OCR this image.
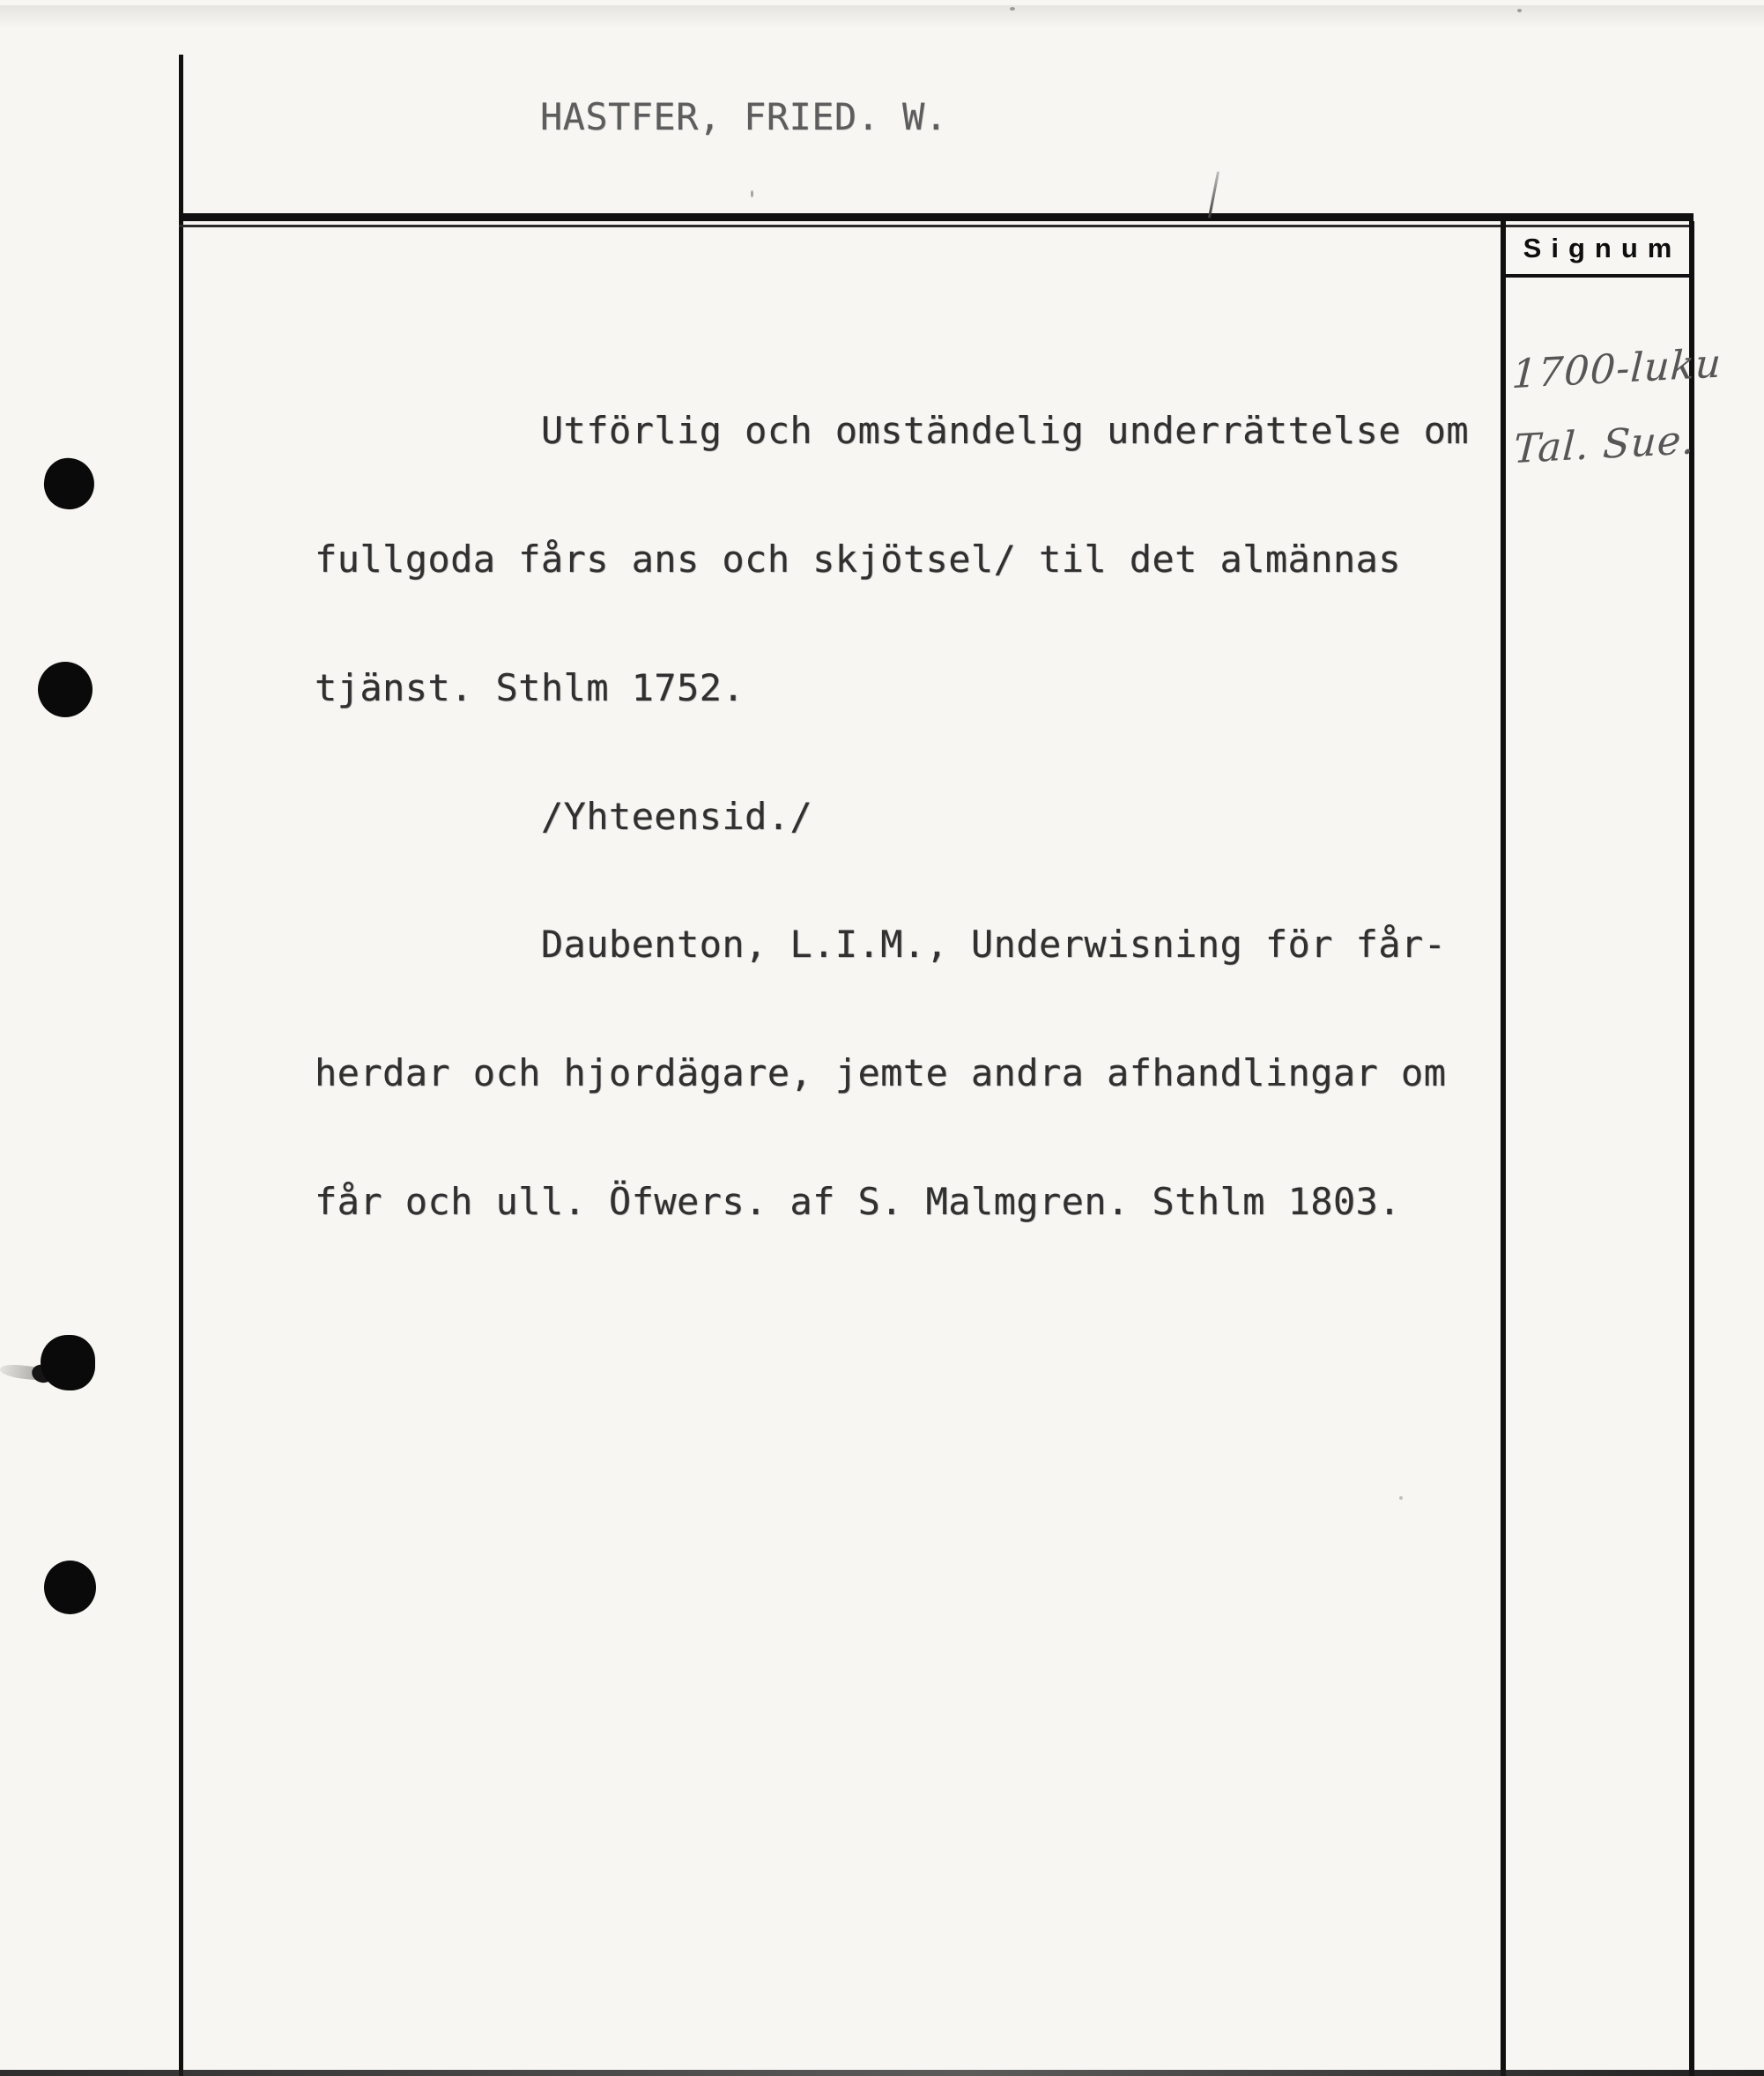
HASTFER, FRIED. W.
Signum
1700-luku
Tal. Sue.

Utförlig och omständelig underrättelse om

fullgoda fårs ans och skjötsel/ til det almännas

tjänst. Sthlm 1752.

/Yhteensid./

Daubenton, L.I.M., Underwisning för får-

herdar och hjordägare, jemte andra afhandlingar om

får och ull. Öfwers. af S. Malmgren. Sthlm 1803.
